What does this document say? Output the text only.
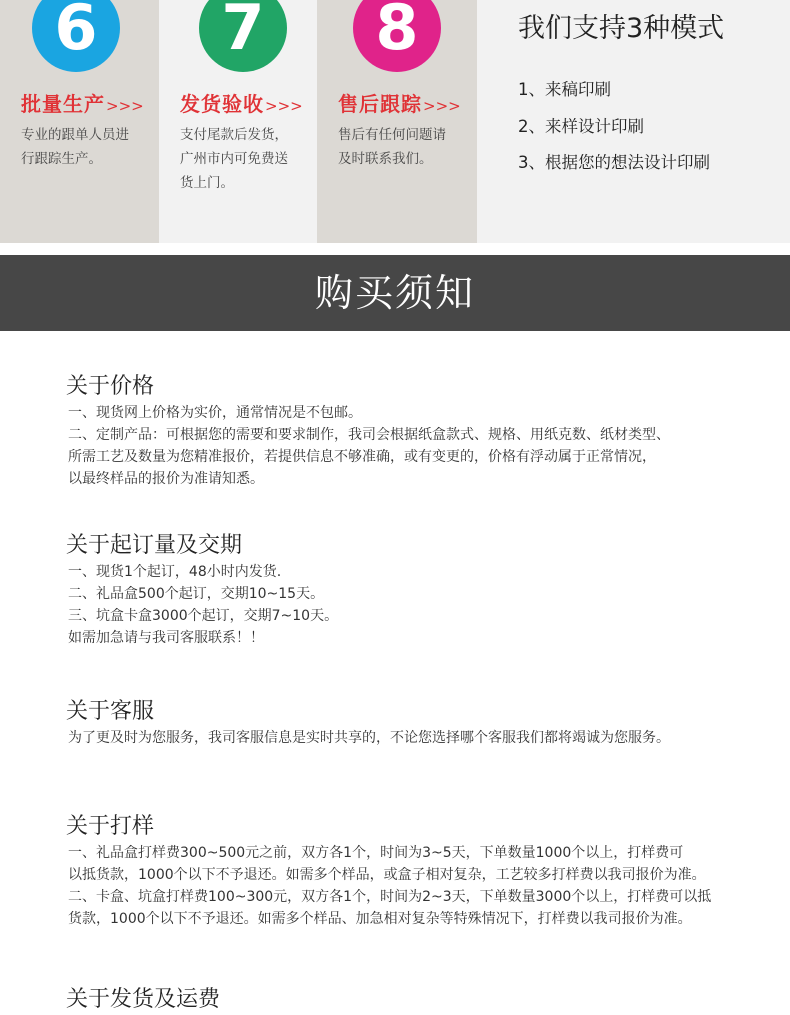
6
批量生产>>>
专业的跟单人员进行跟踪生产。
7
发货验收>>>
支付尾款后发货，广州市内可免费送货上门。
8
售后跟踪>>>
售后有任何问题请及时联系我们。
我们支持3种模式
1、来稿印刷
2、来样设计印刷
3、根据您的想法设计印刷
购买须知
关于价格
一、现货网上价格为实价，通常情况是不包邮。
二、定制产品：可根据您的需要和要求制作，我司会根据纸盒款式、规格、用纸克数、纸材类型、
所需工艺及数量为您精准报价，若提供信息不够准确，或有变更的，价格有浮动属于正常情况，
以最终样品的报价为准请知悉。
关于起订量及交期
一、现货1个起订，48小时内发货.
二、礼品盒500个起订，交期10~15天。
三、坑盒卡盒3000个起订，交期7~10天。
如需加急请与我司客服联系！！
关于客服
为了更及时为您服务，我司客服信息是实时共享的，不论您选择哪个客服我们都将竭诚为您服务。
关于打样
一、礼品盒打样费300~500元之前，双方各1个，时间为3~5天，下单数量1000个以上，打样费可
以抵货款，1000个以下不予退还。如需多个样品，或盒子相对复杂，工艺较多打样费以我司报价为准。
二、卡盒、坑盒打样费100~300元，双方各1个，时间为2~3天，下单数量3000个以上，打样费可以抵
货款，1000个以下不予退还。如需多个样品、加急相对复杂等特殊情况下，打样费以我司报价为准。
关于发货及运费
